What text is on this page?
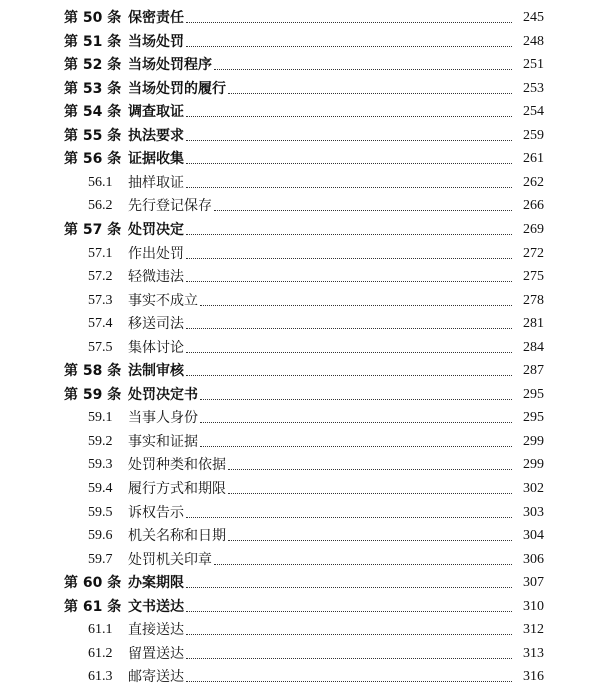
第 50 条 保密责任	245
第 51 条 当场处罚	248
第 52 条 当场处罚程序	251
第 53 条 当场处罚的履行	253
第 54 条 调查取证	254
第 55 条 执法要求	259
第 56 条 证据收集	261
56.1	抽样取证	262
56.2	先行登记保存	266
第 57 条 处罚决定	269
57.1	作出处罚	272
57.2	轻微违法	275
57.3	事实不成立	278
57.4	移送司法	281
57.5	集体讨论	284
第 58 条 法制审核	287
第 59 条 处罚决定书	295
59.1	当事人身份	295
59.2	事实和证据	299
59.3	处罚种类和依据	299
59.4	履行方式和期限	302
59.5	诉权告示	303
59.6	机关名称和日期	304
59.7	处罚机关印章	306
第 60 条 办案期限	307
第 61 条 文书送达	310
61.1	直接送达	312
61.2	留置送达	313
61.3	邮寄送达	316
